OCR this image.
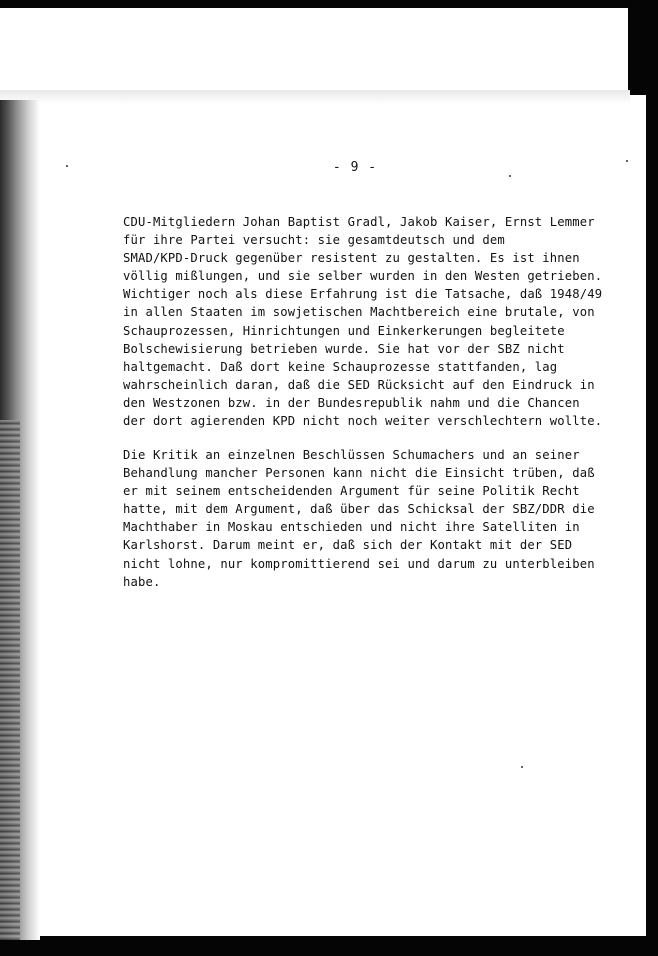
- 9 -
CDU-Mitgliedern Johan Baptist Gradl, Jakob Kaiser, Ernst Lemmer
für ihre Partei versucht: sie gesamtdeutsch und dem
SMAD/KPD-Druck gegenüber resistent zu gestalten. Es ist ihnen
völlig mißlungen, und sie selber wurden in den Westen getrieben.
Wichtiger noch als diese Erfahrung ist die Tatsache, daß 1948/49
in allen Staaten im sowjetischen Machtbereich eine brutale, von
Schauprozessen, Hinrichtungen und Einkerkerungen begleitete
Bolschewisierung betrieben wurde. Sie hat vor der SBZ nicht
haltgemacht. Daß dort keine Schauprozesse stattfanden, lag
wahrscheinlich daran, daß die SED Rücksicht auf den Eindruck in
den Westzonen bzw. in der Bundesrepublik nahm und die Chancen
der dort agierenden KPD nicht noch weiter verschlechtern wollte.
Die Kritik an einzelnen Beschlüssen Schumachers und an seiner
Behandlung mancher Personen kann nicht die Einsicht trüben, daß
er mit seinem entscheidenden Argument für seine Politik Recht
hatte, mit dem Argument, daß über das Schicksal der SBZ/DDR die
Machthaber in Moskau entschieden und nicht ihre Satelliten in
Karlshorst. Darum meint er, daß sich der Kontakt mit der SED
nicht lohne, nur kompromittierend sei und darum zu unterbleiben
habe.
